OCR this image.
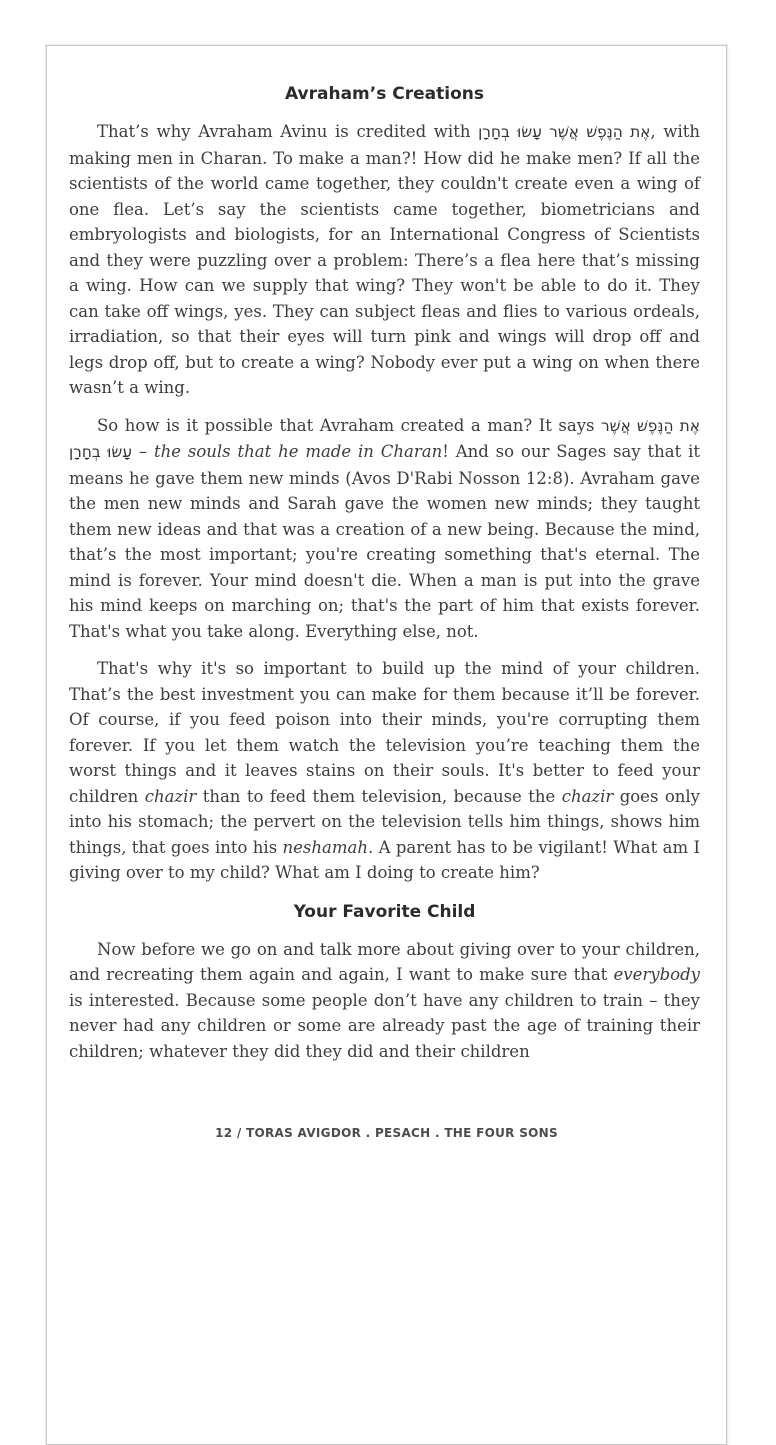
Avraham’s Creations

That’s why Avraham Avinu is credited with אֶת הַנֶּפֶשׁ אֲשֶׁר עָשׂוּ בְחָרָן, with making men in Charan. To make a man?! How did he make men? If all the scientists of the world came together, they couldn't create even a wing of one flea. Let’s say the scientists came together, biometricians and embryologists and biologists, for an International Congress of Scientists and they were puzzling over a problem: There’s a flea here that’s missing a wing. How can we supply that wing? They won't be able to do it. They can take off wings, yes. They can subject fleas and flies to various ordeals, irradiation, so that their eyes will turn pink and wings will drop off and legs drop off, but to create a wing? Nobody ever put a wing on when there wasn’t a wing.

So how is it possible that Avraham created a man? It says אֶת הַנֶּפֶשׁ אֲשֶׁר עָשׂוּ בְחָרָן – the souls that he made in Charan! And so our Sages say that it means he gave them new minds (Avos D'Rabi Nosson 12:8). Avraham gave the men new minds and Sarah gave the women new minds; they taught them new ideas and that was a creation of a new being. Because the mind, that’s the most important; you're creating something that's eternal. The mind is forever. Your mind doesn't die. When a man is put into the grave his mind keeps on marching on; that's the part of him that exists forever. That's what you take along. Everything else, not.

That's why it's so important to build up the mind of your children. That’s the best investment you can make for them because it’ll be forever. Of course, if you feed poison into their minds, you're corrupting them forever. If you let them watch the television you’re teaching them the worst things and it leaves stains on their souls. It's better to feed your children chazir than to feed them television, because the chazir goes only into his stomach; the pervert on the television tells him things, shows him things, that goes into his neshamah. A parent has to be vigilant! What am I giving over to my child? What am I doing to create him?

Your Favorite Child

Now before we go on and talk more about giving over to your children, and recreating them again and again, I want to make sure that everybody is interested. Because some people don’t have any children to train – they never had any children or some are already past the age of training their children; whatever they did they did and their children

12 / TORAS AVIGDOR . PESACH . THE FOUR SONS
